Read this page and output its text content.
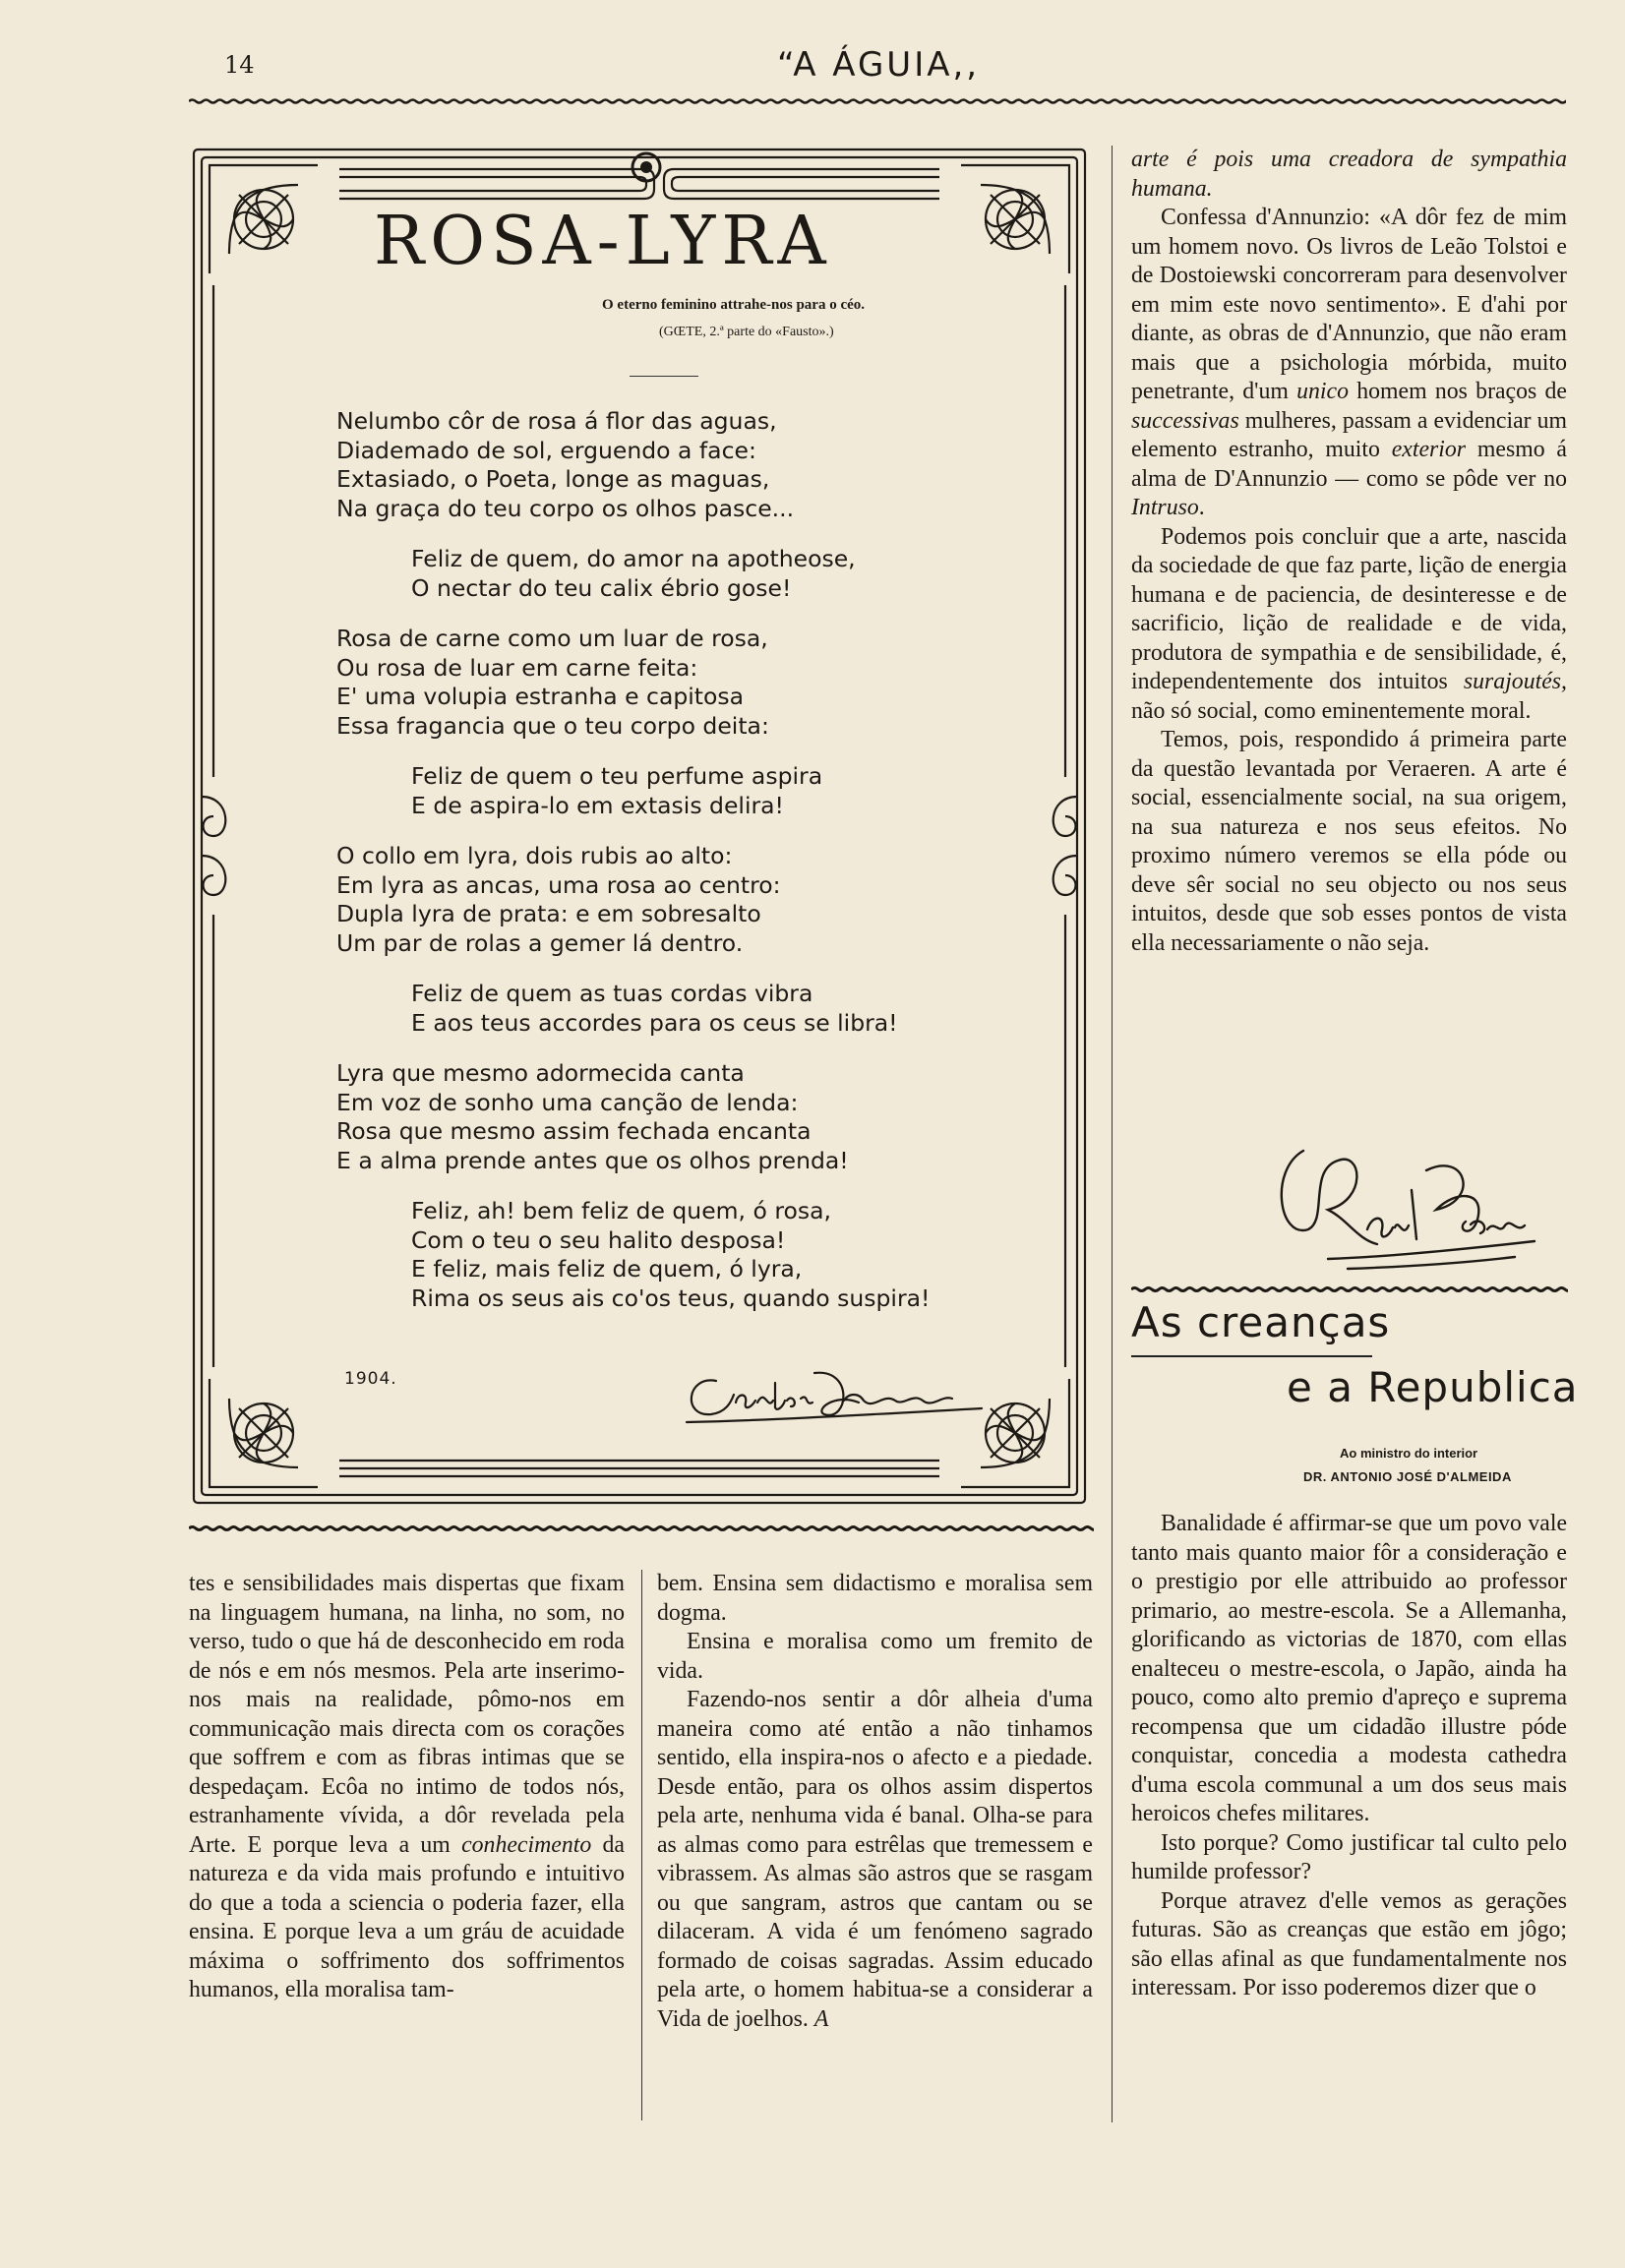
14	“A ÁGUIA,,
ROSA-LYRA
O eterno feminino attrahe-nos para o céo.
(GŒTE, 2.ª parte do «Fausto».)
Nelumbo côr de rosa á flor das aguas,
Diademado de sol, erguendo a face:
Extasiado, o Poeta, longe as maguas,
Na graça do teu corpo os olhos pasce...
Feliz de quem, do amor na apotheose,
O nectar do teu calix ébrio gose!
Rosa de carne como um luar de rosa,
Ou rosa de luar em carne feita:
E' uma volupia estranha e capitosa
Essa fragancia que o teu corpo deita:
Feliz de quem o teu perfume aspira
E de aspira-lo em extasis delira!
O collo em lyra, dois rubis ao alto:
Em lyra as ancas, uma rosa ao centro:
Dupla lyra de prata: e em sobresalto
Um par de rolas a gemer lá dentro.
Feliz de quem as tuas cordas vibra
E aos teus accordes para os ceus se libra!
Lyra que mesmo adormecida canta
Em voz de sonho uma canção de lenda:
Rosa que mesmo assim fechada encanta
E a alma prende antes que os olhos prenda!
Feliz, ah! bem feliz de quem, ó rosa,
Com o teu o seu halito desposa!
E feliz, mais feliz de quem, ó lyra,
Rima os seus ais co'os teus, quando suspira!
1904.

tes e sensibilidades mais dispertas que fixam na linguagem humana, na linha, no som, no verso, tudo o que há de desconhecido em roda de nós e em nós mesmos. Pela arte inserimo-nos mais na realidade, pômo-nos em communicação mais directa com os corações que soffrem e com as fibras intimas que se despedaçam. Ecôa no intimo de todos nós, estranhamente vívida, a dôr revelada pela Arte. E porque leva a um conhecimento da natureza e da vida mais profundo e intuitivo do que a toda a sciencia o poderia fazer, ella ensina. E porque leva a um gráu de acuidade máxima o soffrimento dos soffrimentos humanos, ella moralisa tam-

bem. Ensina sem didactismo e moralisa sem dogma.

Ensina e moralisa como um fremito de vida.

Fazendo-nos sentir a dôr alheia d'uma maneira como até então a não tinhamos sentido, ella inspira-nos o afecto e a piedade. Desde então, para os olhos assim dispertos pela arte, nenhuma vida é banal. Olha-se para as almas como para estrêlas que tremessem e vibrassem. As almas são astros que se rasgam ou que sangram, astros que cantam ou se dilaceram. A vida é um fenómeno sagrado formado de coisas sagradas. Assim educado pela arte, o homem habitua-se a considerar a Vida de joelhos. A

arte é pois uma creadora de sympathia humana.

Confessa d'Annunzio: «A dôr fez de mim um homem novo. Os livros de Leão Tolstoi e de Dostoiewski concorreram para desenvolver em mim este novo sentimento». E d'ahi por diante, as obras de d'Annunzio, que não eram mais que a psichologia mórbida, muito penetrante, d'um unico homem nos braços de successivas mulheres, passam a evidenciar um elemento estranho, muito exterior mesmo á alma de D'Annunzio — como se pôde ver no Intruso.

Podemos pois concluir que a arte, nascida da sociedade de que faz parte, lição de energia humana e de paciencia, de desinteresse e de sacrificio, lição de realidade e de vida, produtora de sympathia e de sensibilidade, é, independentemente dos intuitos surajoutés, não só social, como eminentemente moral.

Temos, pois, respondido á primeira parte da questão levantada por Veraeren. A arte é social, essencialmente social, na sua origem, na sua natureza e nos seus efeitos. No proximo número veremos se ella póde ou deve sêr social no seu objecto ou nos seus intuitos, desde que sob esses pontos de vista ella necessariamente o não seja.

As creanças
e a Republica
Ao ministro do interior
DR. ANTONIO JOSÉ D'ALMEIDA

Banalidade é affirmar-se que um povo vale tanto mais quanto maior fôr a consideração e o prestigio por elle attribuido ao professor primario, ao mestre-escola. Se a Allemanha, glorificando as victorias de 1870, com ellas enalteceu o mestre-escola, o Japão, ainda ha pouco, como alto premio d'apreço e suprema recompensa que um cidadão illustre póde conquistar, concedia a modesta cathedra d'uma escola communal a um dos seus mais heroicos chefes militares.

Isto porque? Como justificar tal culto pelo humilde professor?

Porque atravez d'elle vemos as gerações futuras. São as creanças que estão em jôgo; são ellas afinal as que fundamentalmente nos interessam. Por isso poderemos dizer que o
